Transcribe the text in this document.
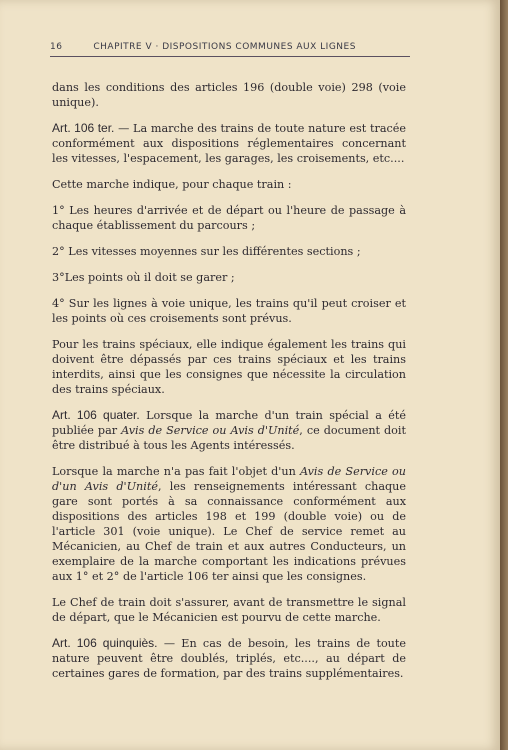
16	CHAPITRE V · DISPOSITIONS COMMUNES AUX LIGNES

dans les conditions des articles 196 (double voie) 298 (voie unique).

Art. 106 ter. — La marche des trains de toute nature est tracée conformément aux dispositions réglementaires concernant les vitesses, l'espacement, les garages, les croisements, etc....

Cette marche indique, pour chaque train :

1° Les heures d'arrivée et de départ ou l'heure de passage à chaque établissement du parcours ;

2° Les vitesses moyennes sur les différentes sections ;

3°Les points où il doit se garer ;

4° Sur les lignes à voie unique, les trains qu'il peut croiser et les points où ces croisements sont prévus.

Pour les trains spéciaux, elle indique également les trains qui doivent être dépassés par ces trains spéciaux et les trains interdits, ainsi que les consignes que nécessite la circulation des trains spéciaux.

Art. 106 quater. Lorsque la marche d'un train spécial a été publiée par Avis de Service ou Avis d'Unité, ce document doit être distribué à tous les Agents intéressés.

Lorsque la marche n'a pas fait l'objet d'un Avis de Service ou d'un Avis d'Unité, les renseignements intéressant chaque gare sont portés à sa connaissance conformément aux dispositions des articles 198 et 199 (double voie) ou de l'article 301 (voie unique). Le Chef de service remet au Mécanicien, au Chef de train et aux autres Conducteurs, un exemplaire de la marche comportant les indications prévues aux 1° et 2° de l'article 106 ter ainsi que les consignes.

Le Chef de train doit s'assurer, avant de transmettre le signal de départ, que le Mécanicien est pourvu de cette marche.

Art. 106 quinquiès. — En cas de besoin, les trains de toute nature peuvent être doublés, triplés, etc...., au départ de certaines gares de formation, par des trains supplémentaires.
